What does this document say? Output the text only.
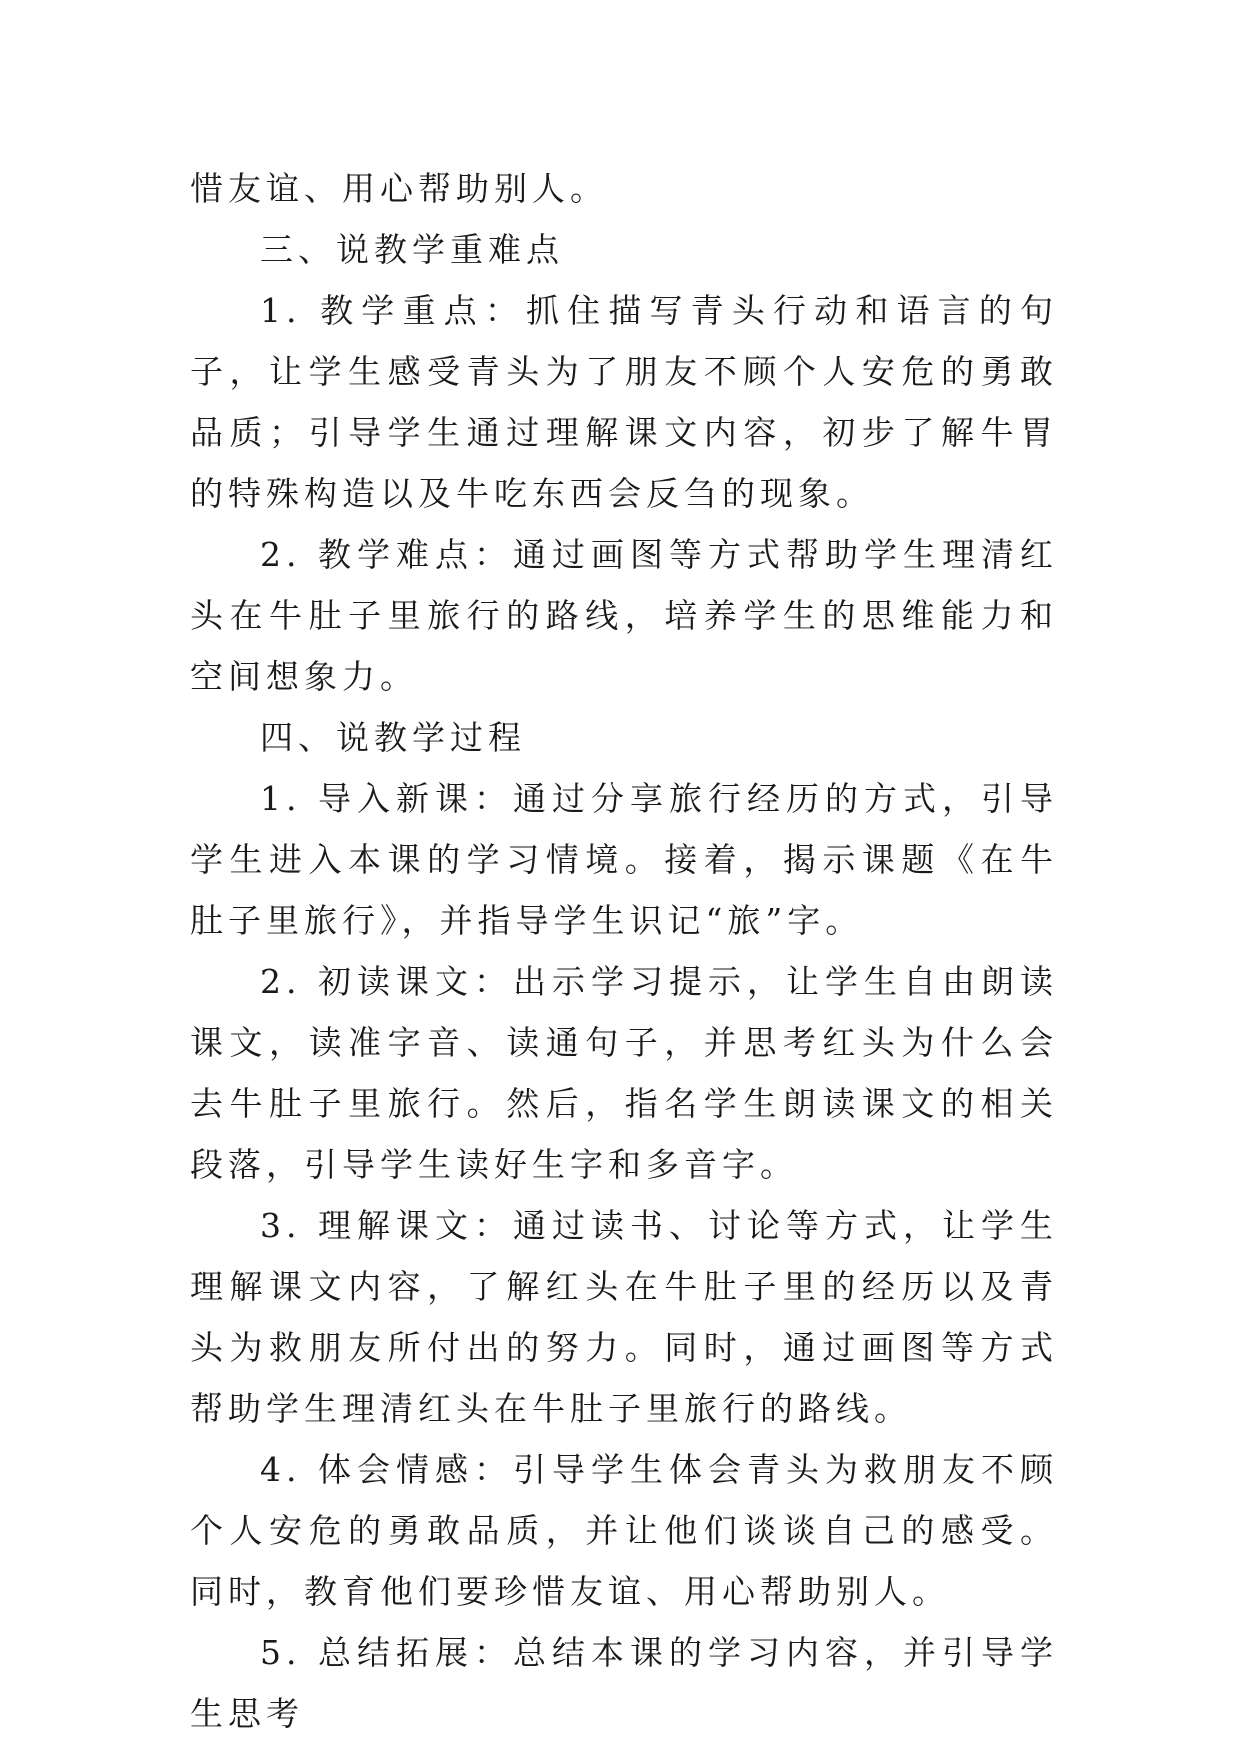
惜友谊、用心帮助别人。

三、说教学重难点

1. 教学重点：抓住描写青头行动和语言的句子，让学生感受青头为了朋友不顾个人安危的勇敢品质；引导学生通过理解课文内容，初步了解牛胃的特殊构造以及牛吃东西会反刍的现象。

2. 教学难点：通过画图等方式帮助学生理清红头在牛肚子里旅行的路线，培养学生的思维能力和空间想象力。

四、说教学过程

1. 导入新课：通过分享旅行经历的方式，引导学生进入本课的学习情境。接着，揭示课题《在牛肚子里旅行》，并指导学生识记“旅”字。

2. 初读课文：出示学习提示，让学生自由朗读课文，读准字音、读通句子，并思考红头为什么会去牛肚子里旅行。然后，指名学生朗读课文的相关段落，引导学生读好生字和多音字。

3. 理解课文：通过读书、讨论等方式，让学生理解课文内容，了解红头在牛肚子里的经历以及青头为救朋友所付出的努力。同时，通过画图等方式帮助学生理清红头在牛肚子里旅行的路线。

4. 体会情感：引导学生体会青头为救朋友不顾个人安危的勇敢品质，并让他们谈谈自己的感受。同时，教育他们要珍惜友谊、用心帮助别人。

5. 总结拓展：总结本课的学习内容，并引导学生思考
